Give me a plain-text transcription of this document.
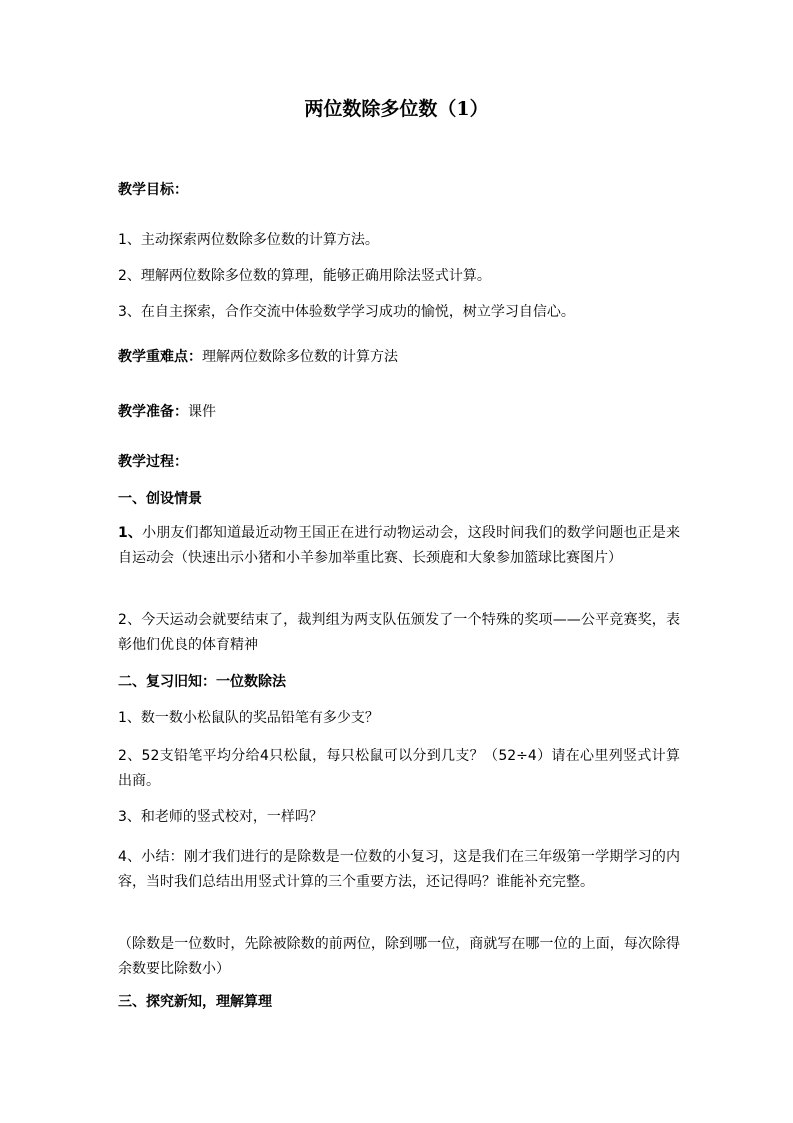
两位数除多位数（1）
教学目标：
1、主动探索两位数除多位数的计算方法。
2、理解两位数除多位数的算理，能够正确用除法竖式计算。
3、在自主探索，合作交流中体验数学学习成功的愉悦，树立学习自信心。
教学重难点：理解两位数除多位数的计算方法
教学准备：课件
教学过程：
一、创设情景
1、小朋友们都知道最近动物王国正在进行动物运动会，这段时间我们的数学问题也正是来自运动会（快速出示小猪和小羊参加举重比赛、长颈鹿和大象参加篮球比赛图片）
2、今天运动会就要结束了，裁判组为两支队伍颁发了一个特殊的奖项——公平竞赛奖，表彰他们优良的体育精神
二、复习旧知：一位数除法
1、数一数小松鼠队的奖品铅笔有多少支？
2、52支铅笔平均分给4只松鼠，每只松鼠可以分到几支？（52÷4）请在心里列竖式计算出商。
3、和老师的竖式校对，一样吗？
4、小结：刚才我们进行的是除数是一位数的小复习，这是我们在三年级第一学期学习的内容，当时我们总结出用竖式计算的三个重要方法，还记得吗？谁能补充完整。
（除数是一位数时，先除被除数的前两位，除到哪一位，商就写在哪一位的上面，每次除得余数要比除数小）
三、探究新知，理解算理
